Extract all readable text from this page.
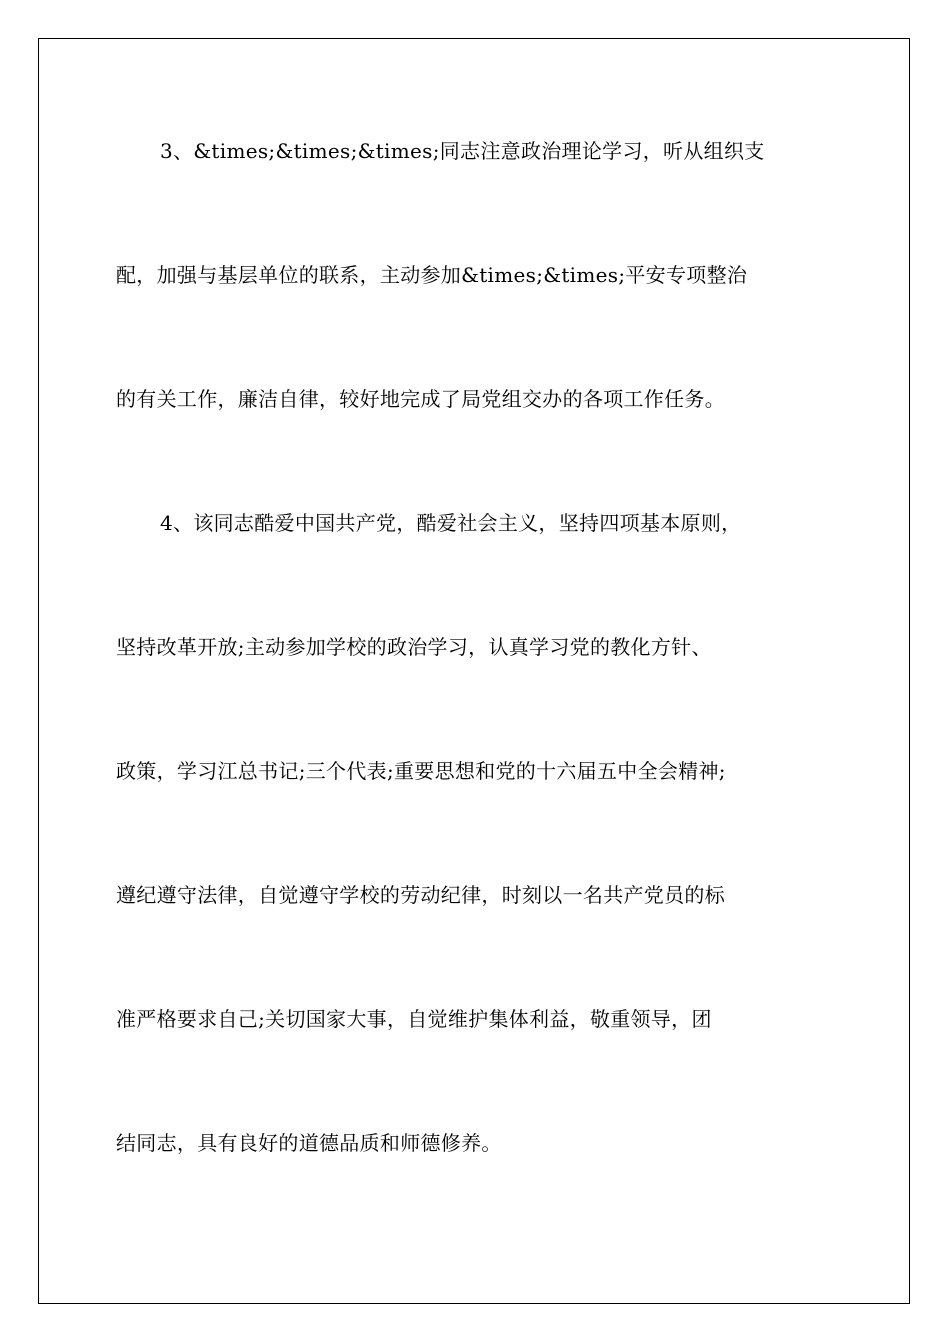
3、&times;&times;&times;同志注意政治理论学习，听从组织支
配，加强与基层单位的联系，主动参加&times;&times;平安专项整治
的有关工作，廉洁自律，较好地完成了局党组交办的各项工作任务。
4、该同志酷爱中国共产党，酷爱社会主义，坚持四项基本原则，
坚持改革开放;主动参加学校的政治学习，认真学习党的教化方针、
政策，学习江总书记;三个代表;重要思想和党的十六届五中全会精神;
遵纪遵守法律，自觉遵守学校的劳动纪律，时刻以一名共产党员的标
准严格要求自己;关切国家大事，自觉维护集体利益，敬重领导，团
结同志，具有良好的道德品质和师德修养。
